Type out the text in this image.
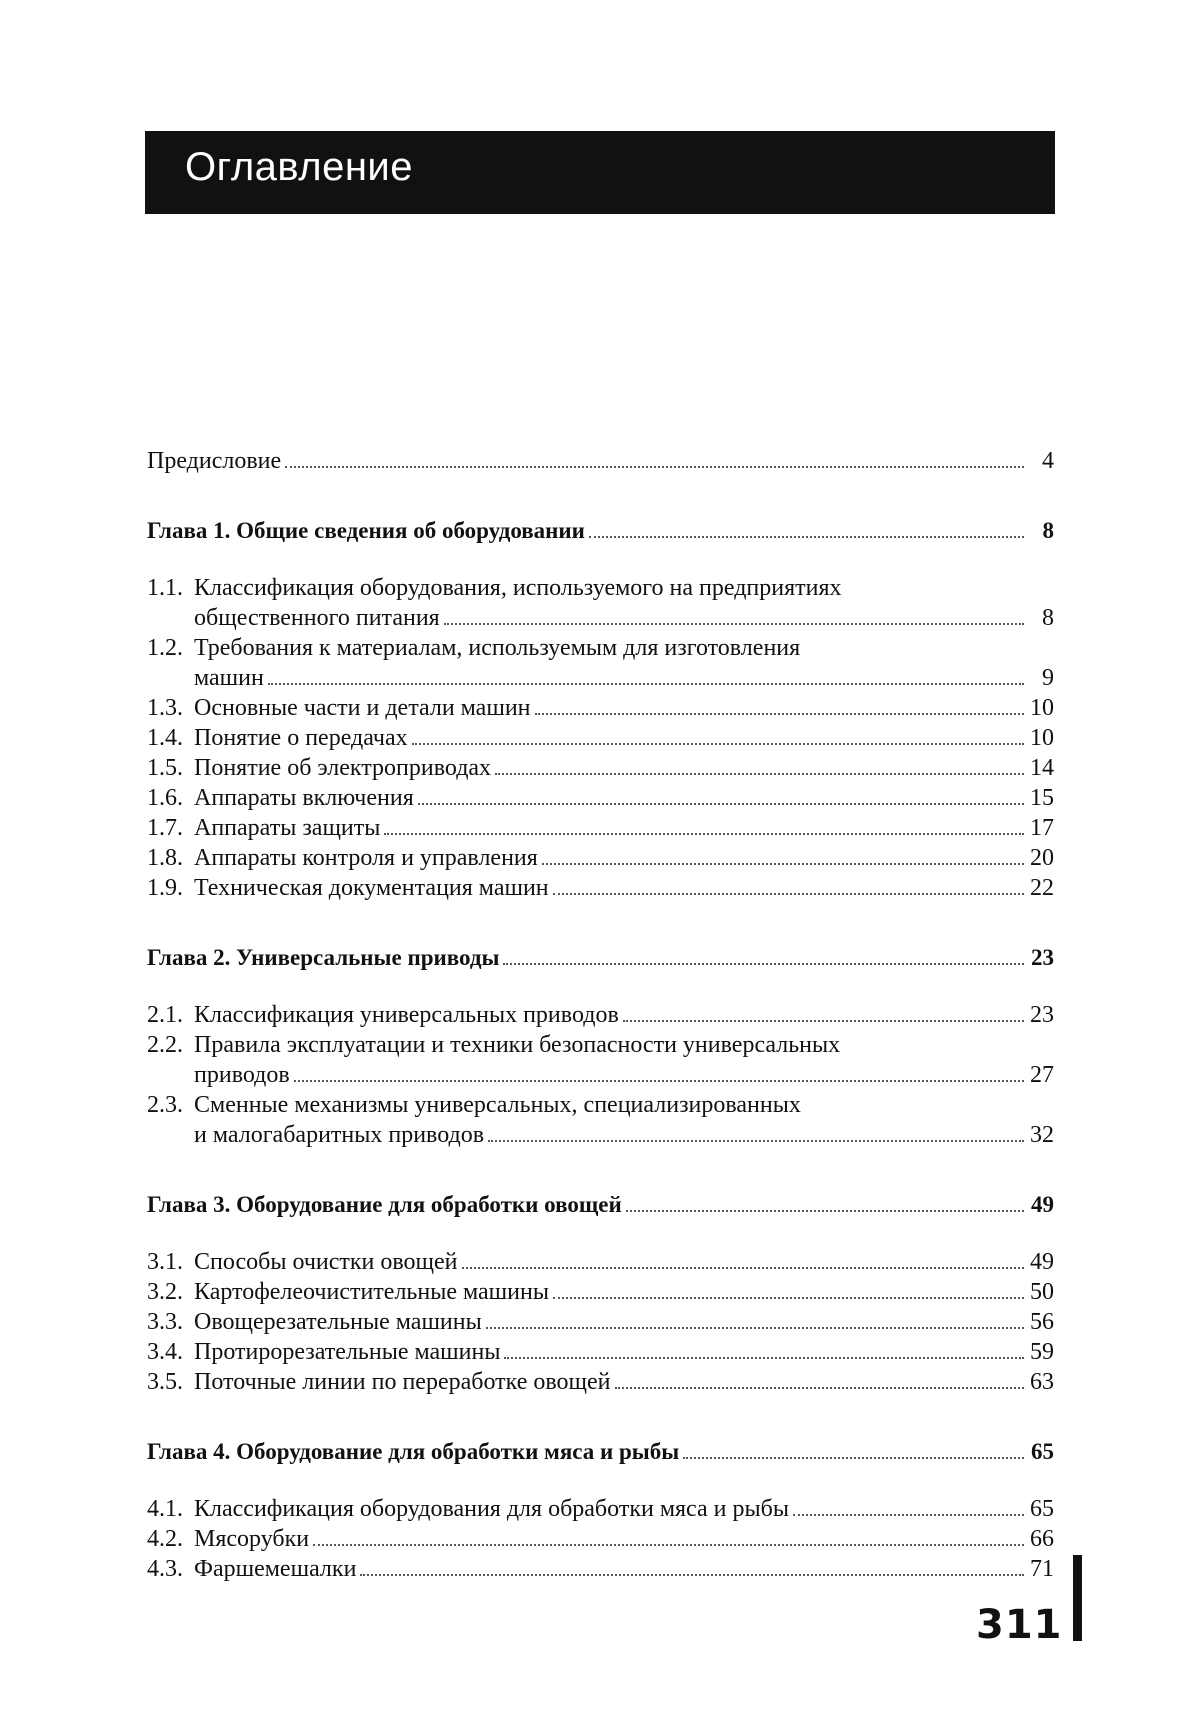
Оглавление
Предисловие	4
Глава 1. Общие сведения об оборудовании	8
1.1. Классификация оборудования, используемого на предприятиях
общественного питания	8
1.2. Требования к материалам, используемым для изготовления
машин	9
1.3. Основные части и детали машин	10
1.4. Понятие о передачах	10
1.5. Понятие об электроприводах	14
1.6. Аппараты включения	15
1.7. Аппараты защиты	17
1.8. Аппараты контроля и управления	20
1.9. Техническая документация машин	22
Глава 2. Универсальные приводы	23
2.1. Классификация универсальных приводов	23
2.2. Правила эксплуатации и техники безопасности универсальных
приводов	27
2.3. Сменные механизмы универсальных, специализированных
и малогабаритных приводов	32
Глава 3. Оборудование для обработки овощей	49
3.1. Способы очистки овощей	49
3.2. Картофелеочистительные машины	50
3.3. Овощерезательные машины	56
3.4. Протирорезательные машины	59
3.5. Поточные линии по переработке овощей	63
Глава 4. Оборудование для обработки мяса и рыбы	65
4.1. Классификация оборудования для обработки мяса и рыбы	65
4.2. Мясорубки	66
4.3. Фаршемешалки	71
311
